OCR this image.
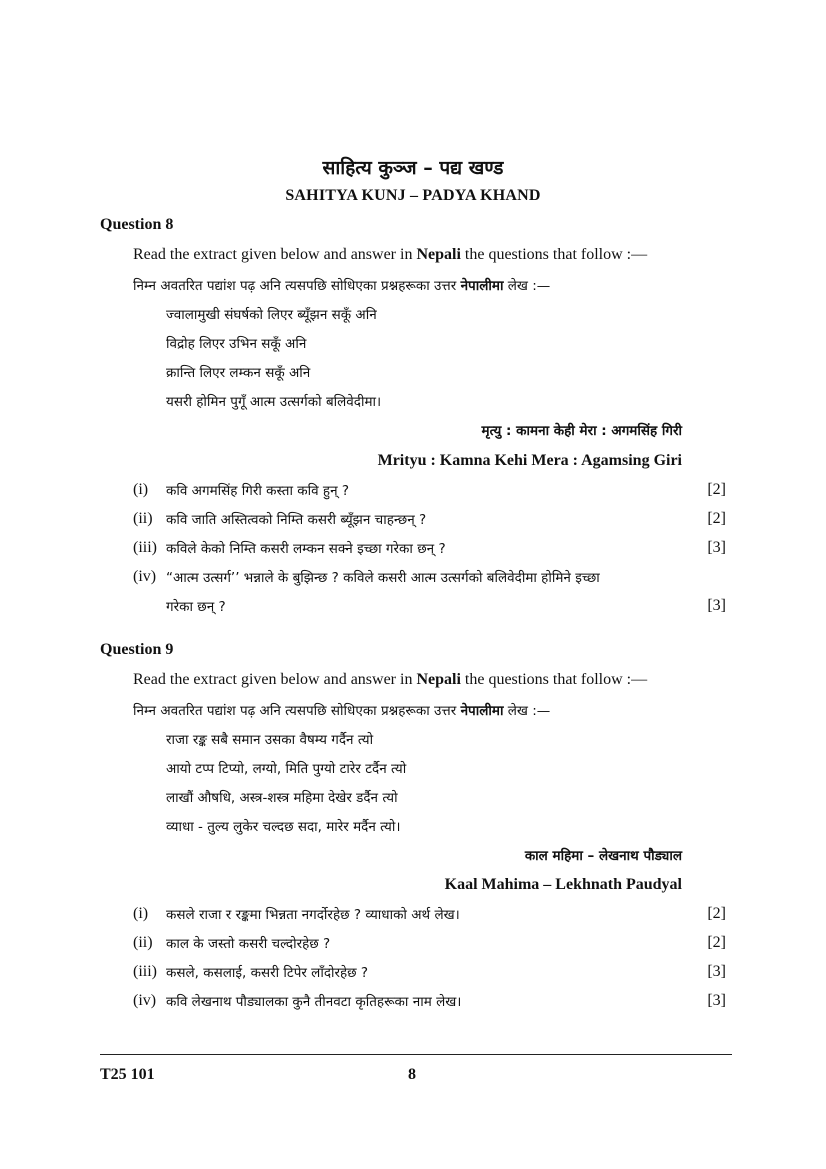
साहित्य कुञ्ज – पद्य खण्ड
SAHITYA KUNJ – PADYA KHAND
Question 8
Read the extract given below and answer in Nepali the questions that follow :—
निम्न अवतरित पद्यांश पढ़ अनि त्यसपछि सोधिएका प्रश्नहरूका उत्तर नेपालीमा लेख :—
ज्वालामुखी संघर्षको लिएर ब्यूँझन सकूँ अनि
विद्रोह लिएर उभिन सकूँ अनि
क्रान्ति लिएर लम्कन सकूँ अनि
यसरी होमिन पुगूँ आत्म उत्सर्गको बलिवेदीमा।
मृत्यु : कामना केही मेरा : अगमसिंह गिरी
Mrityu : Kamna Kehi Mera : Agamsing Giri
(i) कवि अगमसिंह गिरी कस्ता कवि हुन् ?	[2]
(ii) कवि जाति अस्तित्वको निम्ति कसरी ब्यूँझन चाहन्छन् ?	[2]
(iii) कविले केको निम्ति कसरी लम्कन सक्ने इच्छा गरेका छन् ?	[3]
(iv) “आत्म उत्सर्ग’’ भन्नाले के बुझिन्छ ? कविले कसरी आत्म उत्सर्गको बलिवेदीमा होमिने इच्छा
गरेका छन् ?	[3]
Question 9
Read the extract given below and answer in Nepali the questions that follow :—
निम्न अवतरित पद्यांश पढ़ अनि त्यसपछि सोधिएका प्रश्नहरूका उत्तर नेपालीमा लेख :—
राजा रङ्क सबै समान उसका वैषम्य गर्दैन त्यो
आयो टप्प टिप्यो, लग्यो, मिति पुग्यो टारेर टर्दैन त्यो
लाखौं औषधि, अस्त्र-शस्त्र महिमा देखेर डर्दैन त्यो
व्याधा - तुल्य लुकेर चल्दछ सदा, मारेर मर्दैन त्यो।
काल महिमा – लेखनाथ पौड्याल
Kaal Mahima – Lekhnath Paudyal
(i) कसले राजा र रङ्कमा भिन्नता नगर्दोरहेछ ? व्याधाको अर्थ लेख।	[2]
(ii) काल के जस्तो कसरी चल्दोरहेछ ?	[2]
(iii) कसले, कसलाई, कसरी टिपेर लाँदोरहेछ ?	[3]
(iv) कवि लेखनाथ पौड्यालका कुनै तीनवटा कृतिहरूका नाम लेख।	[3]
T25 101	8
